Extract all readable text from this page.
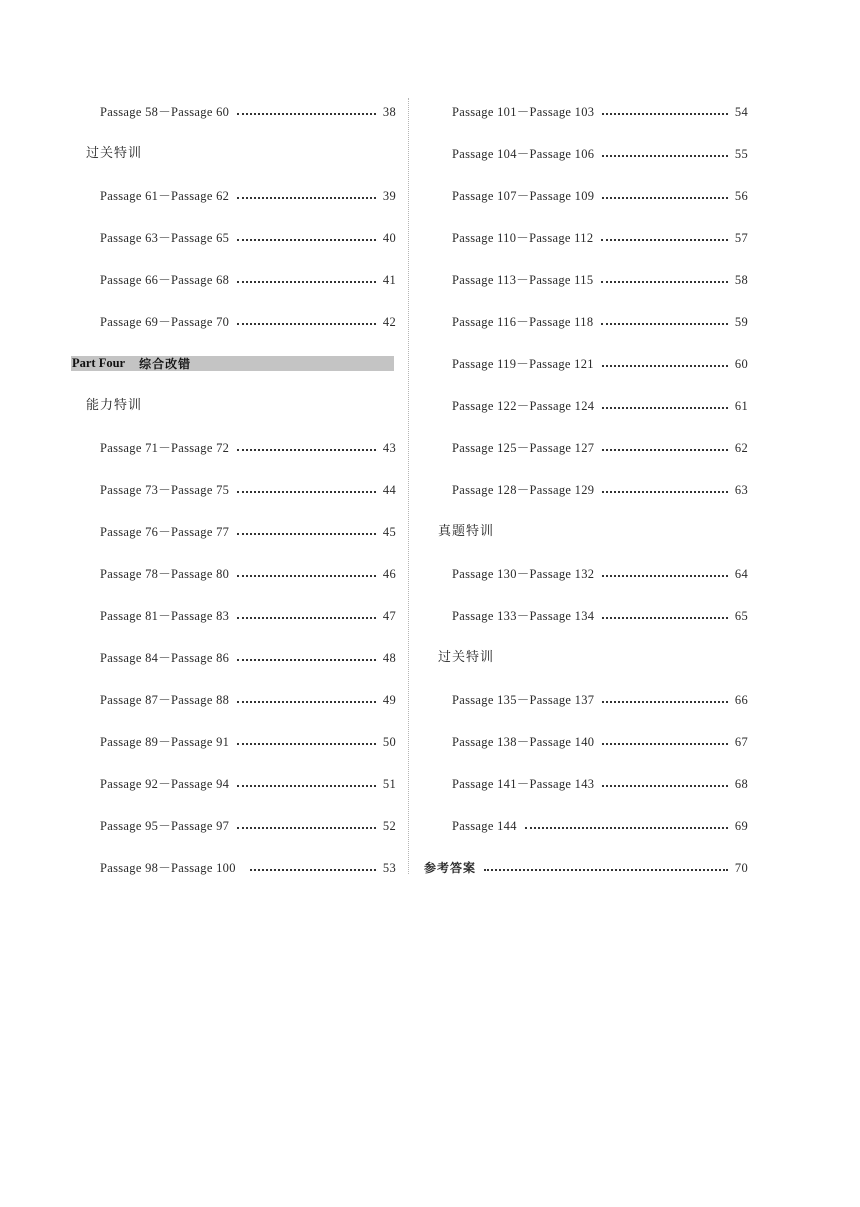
Passage 58－Passage 60	38
过关特训
Passage 61－Passage 62	39
Passage 63－Passage 65	40
Passage 66－Passage 68	41
Passage 69－Passage 70	42
Part Four 综合改错
能力特训
Passage 71－Passage 72	43
Passage 73－Passage 75	44
Passage 76－Passage 77	45
Passage 78－Passage 80	46
Passage 81－Passage 83	47
Passage 84－Passage 86	48
Passage 87－Passage 88	49
Passage 89－Passage 91	50
Passage 92－Passage 94	51
Passage 95－Passage 97	52
Passage 98－Passage 100	53
Passage 101－Passage 103	54
Passage 104－Passage 106	55
Passage 107－Passage 109	56
Passage 110－Passage 112	57
Passage 113－Passage 115	58
Passage 116－Passage 118	59
Passage 119－Passage 121	60
Passage 122－Passage 124	61
Passage 125－Passage 127	62
Passage 128－Passage 129	63
真题特训
Passage 130－Passage 132	64
Passage 133－Passage 134	65
过关特训
Passage 135－Passage 137	66
Passage 138－Passage 140	67
Passage 141－Passage 143	68
Passage 144	69
参考答案	70
